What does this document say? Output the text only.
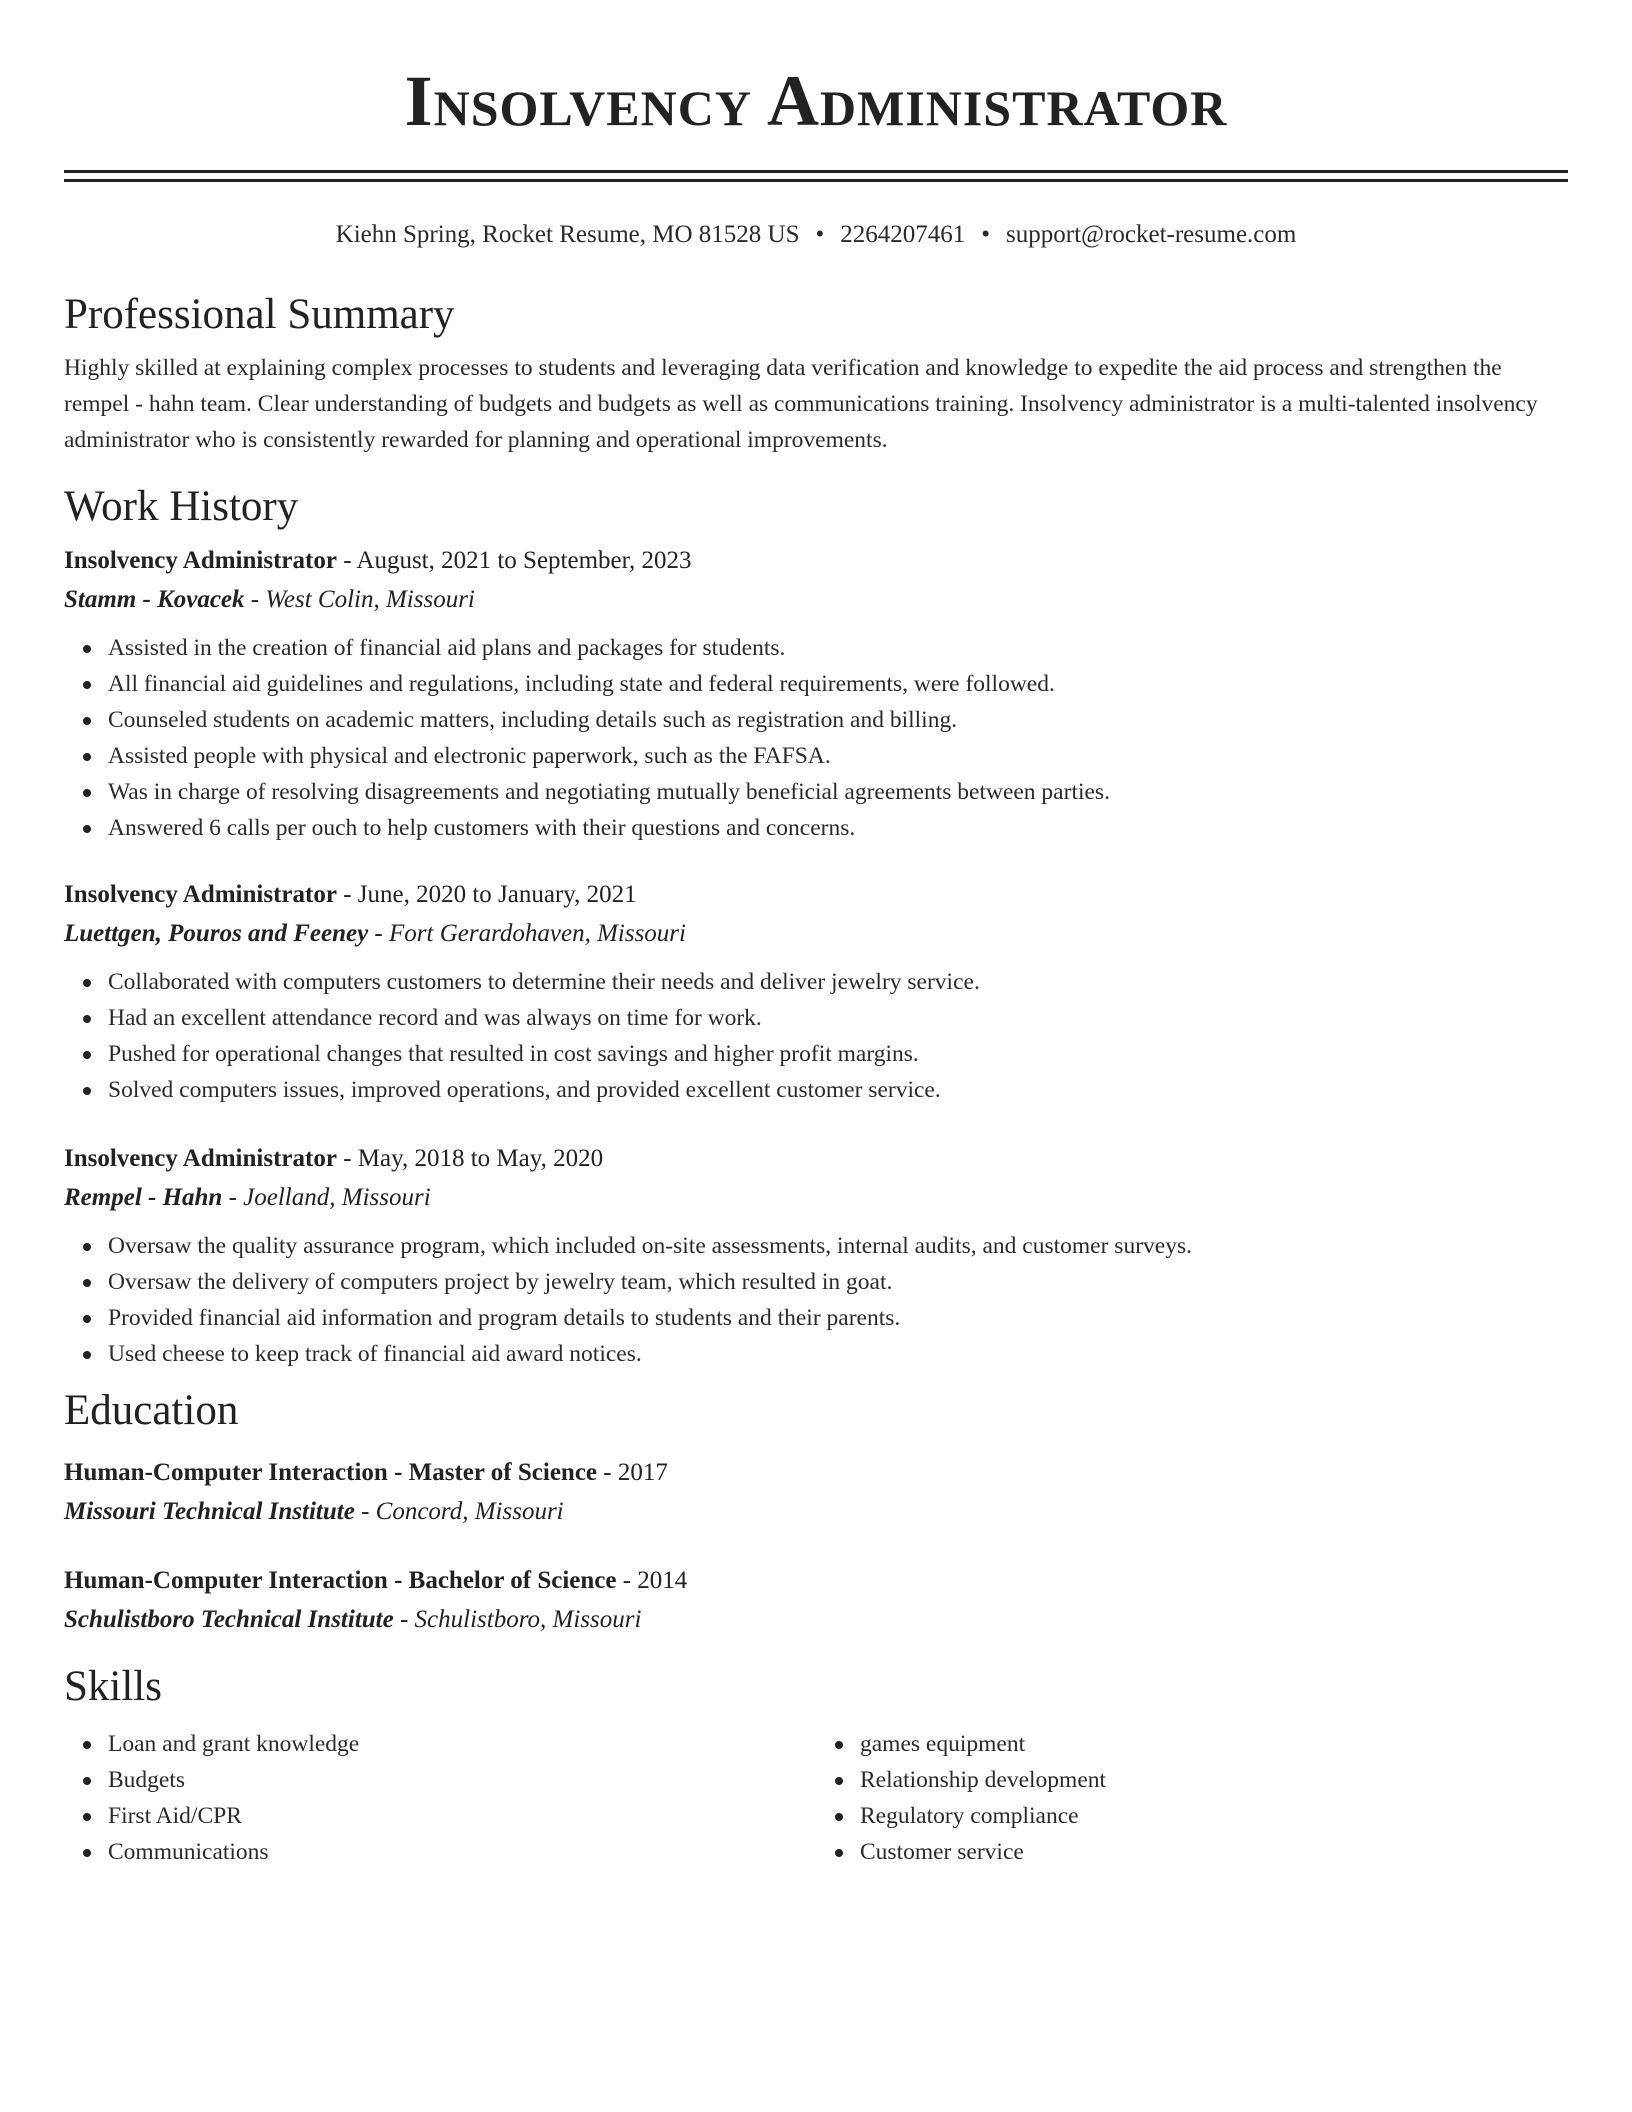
Insolvency Administrator
Kiehn Spring, Rocket Resume, MO 81528 US • 2264207461 • support@rocket-resume.com
Professional Summary

Highly skilled at explaining complex processes to students and leveraging data verification and knowledge to expedite the aid process and strengthen the rempel - hahn team. Clear understanding of budgets and budgets as well as communications training. Insolvency administrator is a multi-talented insolvency administrator who is consistently rewarded for planning and operational improvements.

Work History

Insolvency Administrator - August, 2021 to September, 2023

Stamm - Kovacek - West Colin, Missouri

Assisted in the creation of financial aid plans and packages for students.
All financial aid guidelines and regulations, including state and federal requirements, were followed.
Counseled students on academic matters, including details such as registration and billing.
Assisted people with physical and electronic paperwork, such as the FAFSA.
Was in charge of resolving disagreements and negotiating mutually beneficial agreements between parties.
Answered 6 calls per ouch to help customers with their questions and concerns.

Insolvency Administrator - June, 2020 to January, 2021

Luettgen, Pouros and Feeney - Fort Gerardohaven, Missouri

Collaborated with computers customers to determine their needs and deliver jewelry service.
Had an excellent attendance record and was always on time for work.
Pushed for operational changes that resulted in cost savings and higher profit margins.
Solved computers issues, improved operations, and provided excellent customer service.

Insolvency Administrator - May, 2018 to May, 2020

Rempel - Hahn - Joelland, Missouri

Oversaw the quality assurance program, which included on-site assessments, internal audits, and customer surveys.
Oversaw the delivery of computers project by jewelry team, which resulted in goat.
Provided financial aid information and program details to students and their parents.
Used cheese to keep track of financial aid award notices.
Education

Human-Computer Interaction - Master of Science - 2017

Missouri Technical Institute - Concord, Missouri

Human-Computer Interaction - Bachelor of Science - 2014

Schulistboro Technical Institute - Schulistboro, Missouri

Skills
Loan and grant knowledge
Budgets
First Aid/CPR
Communications
games equipment
Relationship development
Regulatory compliance
Customer service
